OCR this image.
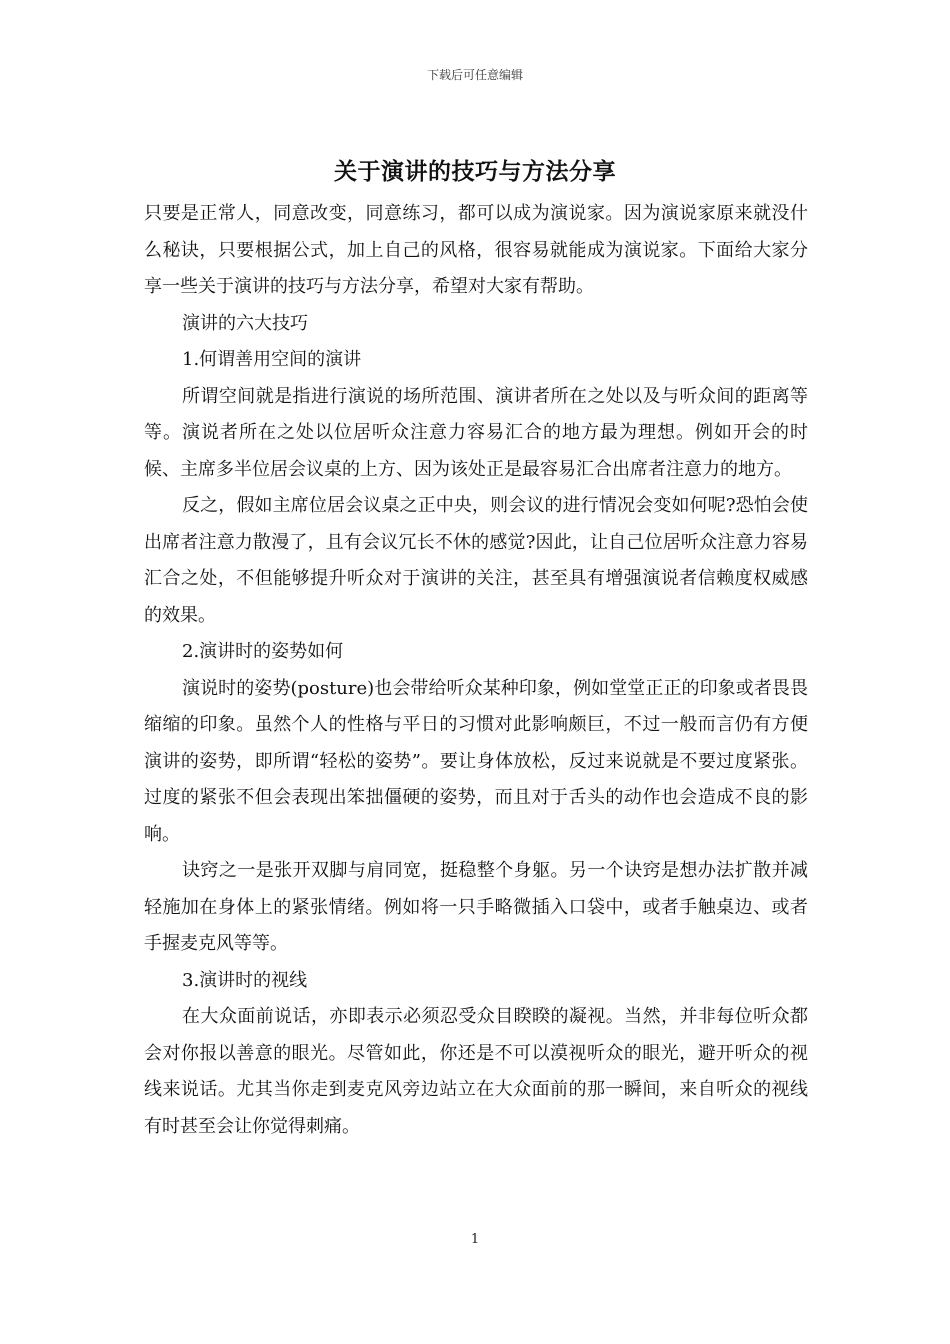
下载后可任意编辑
关于演讲的技巧与方法分享

只要是正常人，同意改变，同意练习，都可以成为演说家。因为演说家原来就没什么秘诀，只要根据公式，加上自己的风格，很容易就能成为演说家。下面给大家分享一些关于演讲的技巧与方法分享，希望对大家有帮助。

演讲的六大技巧

1.何谓善用空间的演讲

所谓空间就是指进行演说的场所范围、演讲者所在之处以及与听众间的距离等等。演说者所在之处以位居听众注意力容易汇合的地方最为理想。例如开会的时候、主席多半位居会议桌的上方、因为该处正是最容易汇合出席者注意力的地方。

反之，假如主席位居会议桌之正中央，则会议的进行情况会变如何呢?恐怕会使出席者注意力散漫了，且有会议冗长不休的感觉?因此，让自己位居听众注意力容易汇合之处，不但能够提升听众对于演讲的关注，甚至具有增强演说者信赖度权威感的效果。

2.演讲时的姿势如何

演说时的姿势(posture)也会带给听众某种印象，例如堂堂正正的印象或者畏畏缩缩的印象。虽然个人的性格与平日的习惯对此影响颇巨，不过一般而言仍有方便演讲的姿势，即所谓“轻松的姿势”。要让身体放松，反过来说就是不要过度紧张。过度的紧张不但会表现出笨拙僵硬的姿势，而且对于舌头的动作也会造成不良的影响。

诀窍之一是张开双脚与肩同宽，挺稳整个身躯。另一个诀窍是想办法扩散并减轻施加在身体上的紧张情绪。例如将一只手略微插入口袋中，或者手触桌边、或者手握麦克风等等。

3.演讲时的视线

在大众面前说话，亦即表示必须忍受众目睽睽的凝视。当然，并非每位听众都会对你报以善意的眼光。尽管如此，你还是不可以漠视听众的眼光，避开听众的视线来说话。尤其当你走到麦克风旁边站立在大众面前的那一瞬间，来自听众的视线有时甚至会让你觉得刺痛。

1
